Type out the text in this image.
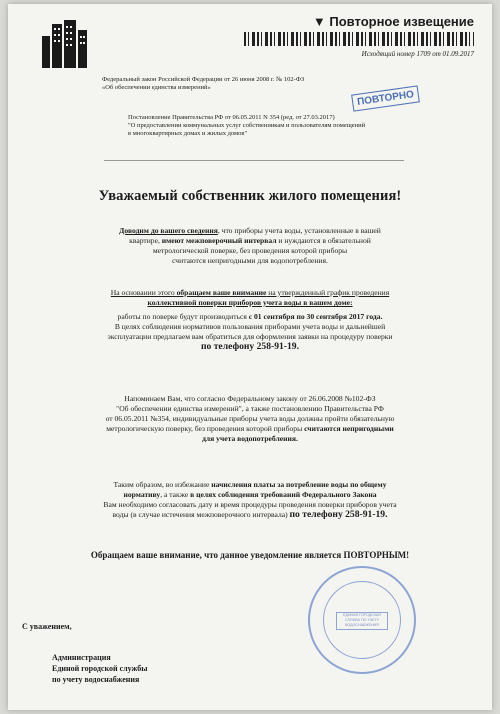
▼ Повторное извещение
Исходящий номер 1709 от 01.09.2017
Федеральный закон Российской Федерации от 26 июня 2008 г. № 102-ФЗ
«Об обеспечении единства измерений»
ПОВТОРНО
Постановление Правительства РФ от 06.05.2011 N 354 (ред. от 27.03.2017)
"О предоставлении коммунальных услуг собственникам и пользователям помещений
в многоквартирных домах и жилых домов"
Уважаемый собственник жилого помещения!
Доводим до вашего сведения, что приборы учета воды, установленные в вашей
квартире, имеют межповерочный интервал и нуждаются в обязательной
метрологической поверке, без проведения которой приборы
считаются непригодными для водопотребления.
На основании этого обращаем ваше внимание на утвержденный график проведения
коллективной поверки приборов учета воды в вашем доме:
работы по поверке будут производиться с 01 сентября по 30 сентября 2017 года.
В целях соблюдения нормативов пользования приборами учета воды и дальнейшей
эксплуатации предлагаем вам обратиться для оформления заявки на процедуру поверки
по телефону 258-91-19.
Напоминаем Вам, что согласно Федеральному закону от 26.06.2008 №102-ФЗ
"Об обеспечении единства измерений", а также постановлению Правительства РФ
от 06.05.2011 №354, индивидуальные приборы учета воды должны пройти обязательную
метрологическую поверку, без проведения которой приборы считаются непригодными
для учета водопотребления.
Таким образом, во избежание начисления платы за потребление воды по общему
нормативу, а также в целях соблюдения требований Федерального Закона
Вам необходимо согласовать дату и время процедуры проведения поверки приборов учета
воды (в случае истечения межповерочного интервала) по телефону 258-91-19.
Обращаем ваше внимание, что данное уведомление является ПОВТОРНЫМ!
ЕДИНАЯ ГОРОДСКАЯ
СЛУЖБА ПО УЧЕТУ
ВОДОСНАБЖЕНИЯ
С уважением,
Администрация
Единой городской службы
по учету водоснабжения
